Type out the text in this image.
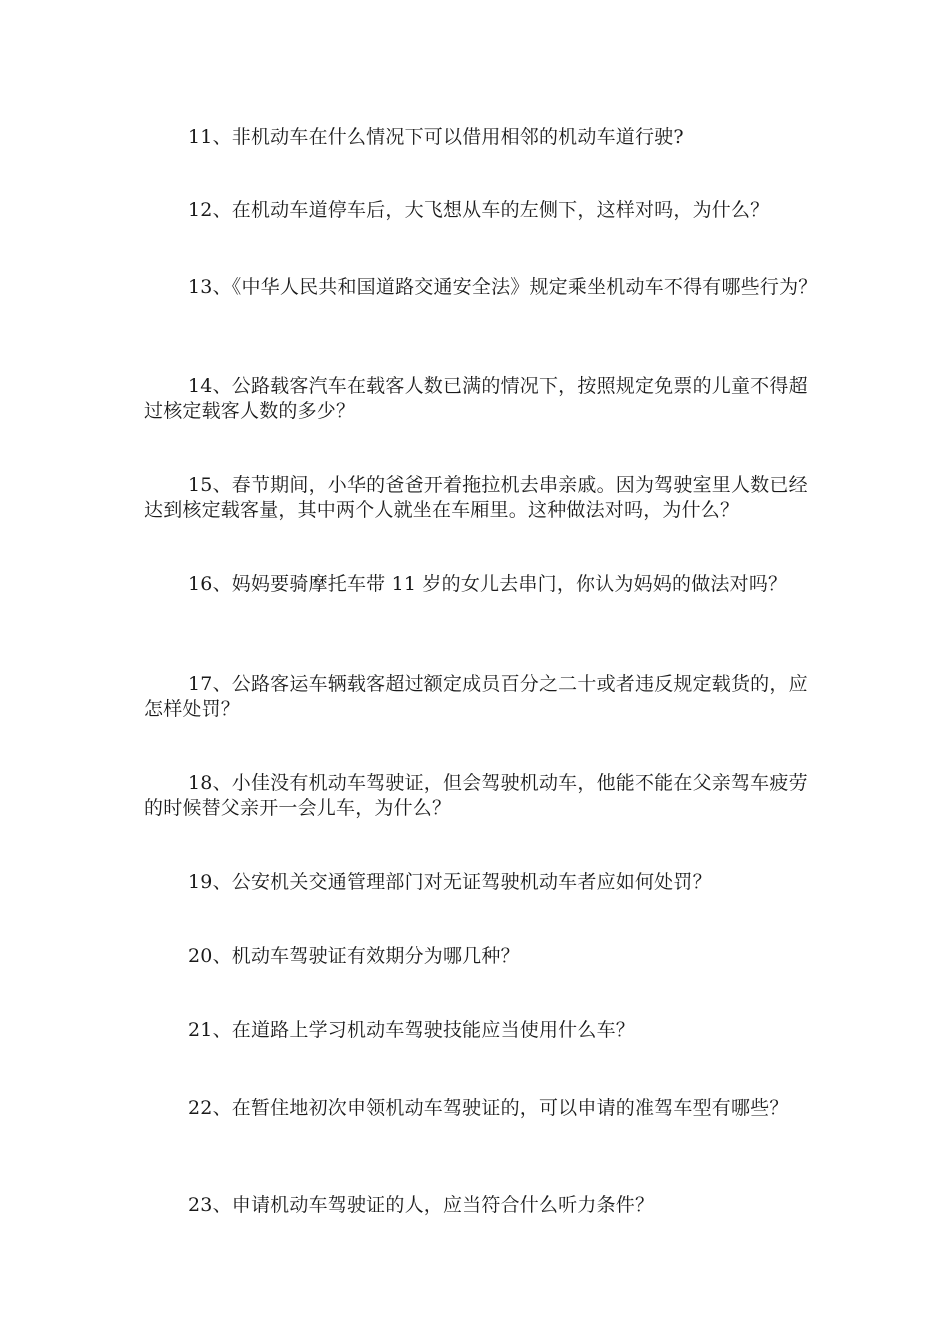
11、非机动车在什么情况下可以借用相邻的机动车道行驶?

12、在机动车道停车后，大飞想从车的左侧下，这样对吗，为什么？

13、《中华人民共和国道路交通安全法》规定乘坐机动车不得有哪些行为？

14、公路载客汽车在载客人数已满的情况下，按照规定免票的儿童不得超过核定载客人数的多少？

15、春节期间，小华的爸爸开着拖拉机去串亲戚。因为驾驶室里人数已经达到核定载客量，其中两个人就坐在车厢里。这种做法对吗，为什么？

16、妈妈要骑摩托车带 11 岁的女儿去串门，你认为妈妈的做法对吗？

17、公路客运车辆载客超过额定成员百分之二十或者违反规定载货的，应怎样处罚？

18、小佳没有机动车驾驶证，但会驾驶机动车，他能不能在父亲驾车疲劳的时候替父亲开一会儿车，为什么？

19、公安机关交通管理部门对无证驾驶机动车者应如何处罚？

20、机动车驾驶证有效期分为哪几种？

21、在道路上学习机动车驾驶技能应当使用什么车？

22、在暂住地初次申领机动车驾驶证的，可以申请的准驾车型有哪些？

23、申请机动车驾驶证的人，应当符合什么听力条件？
